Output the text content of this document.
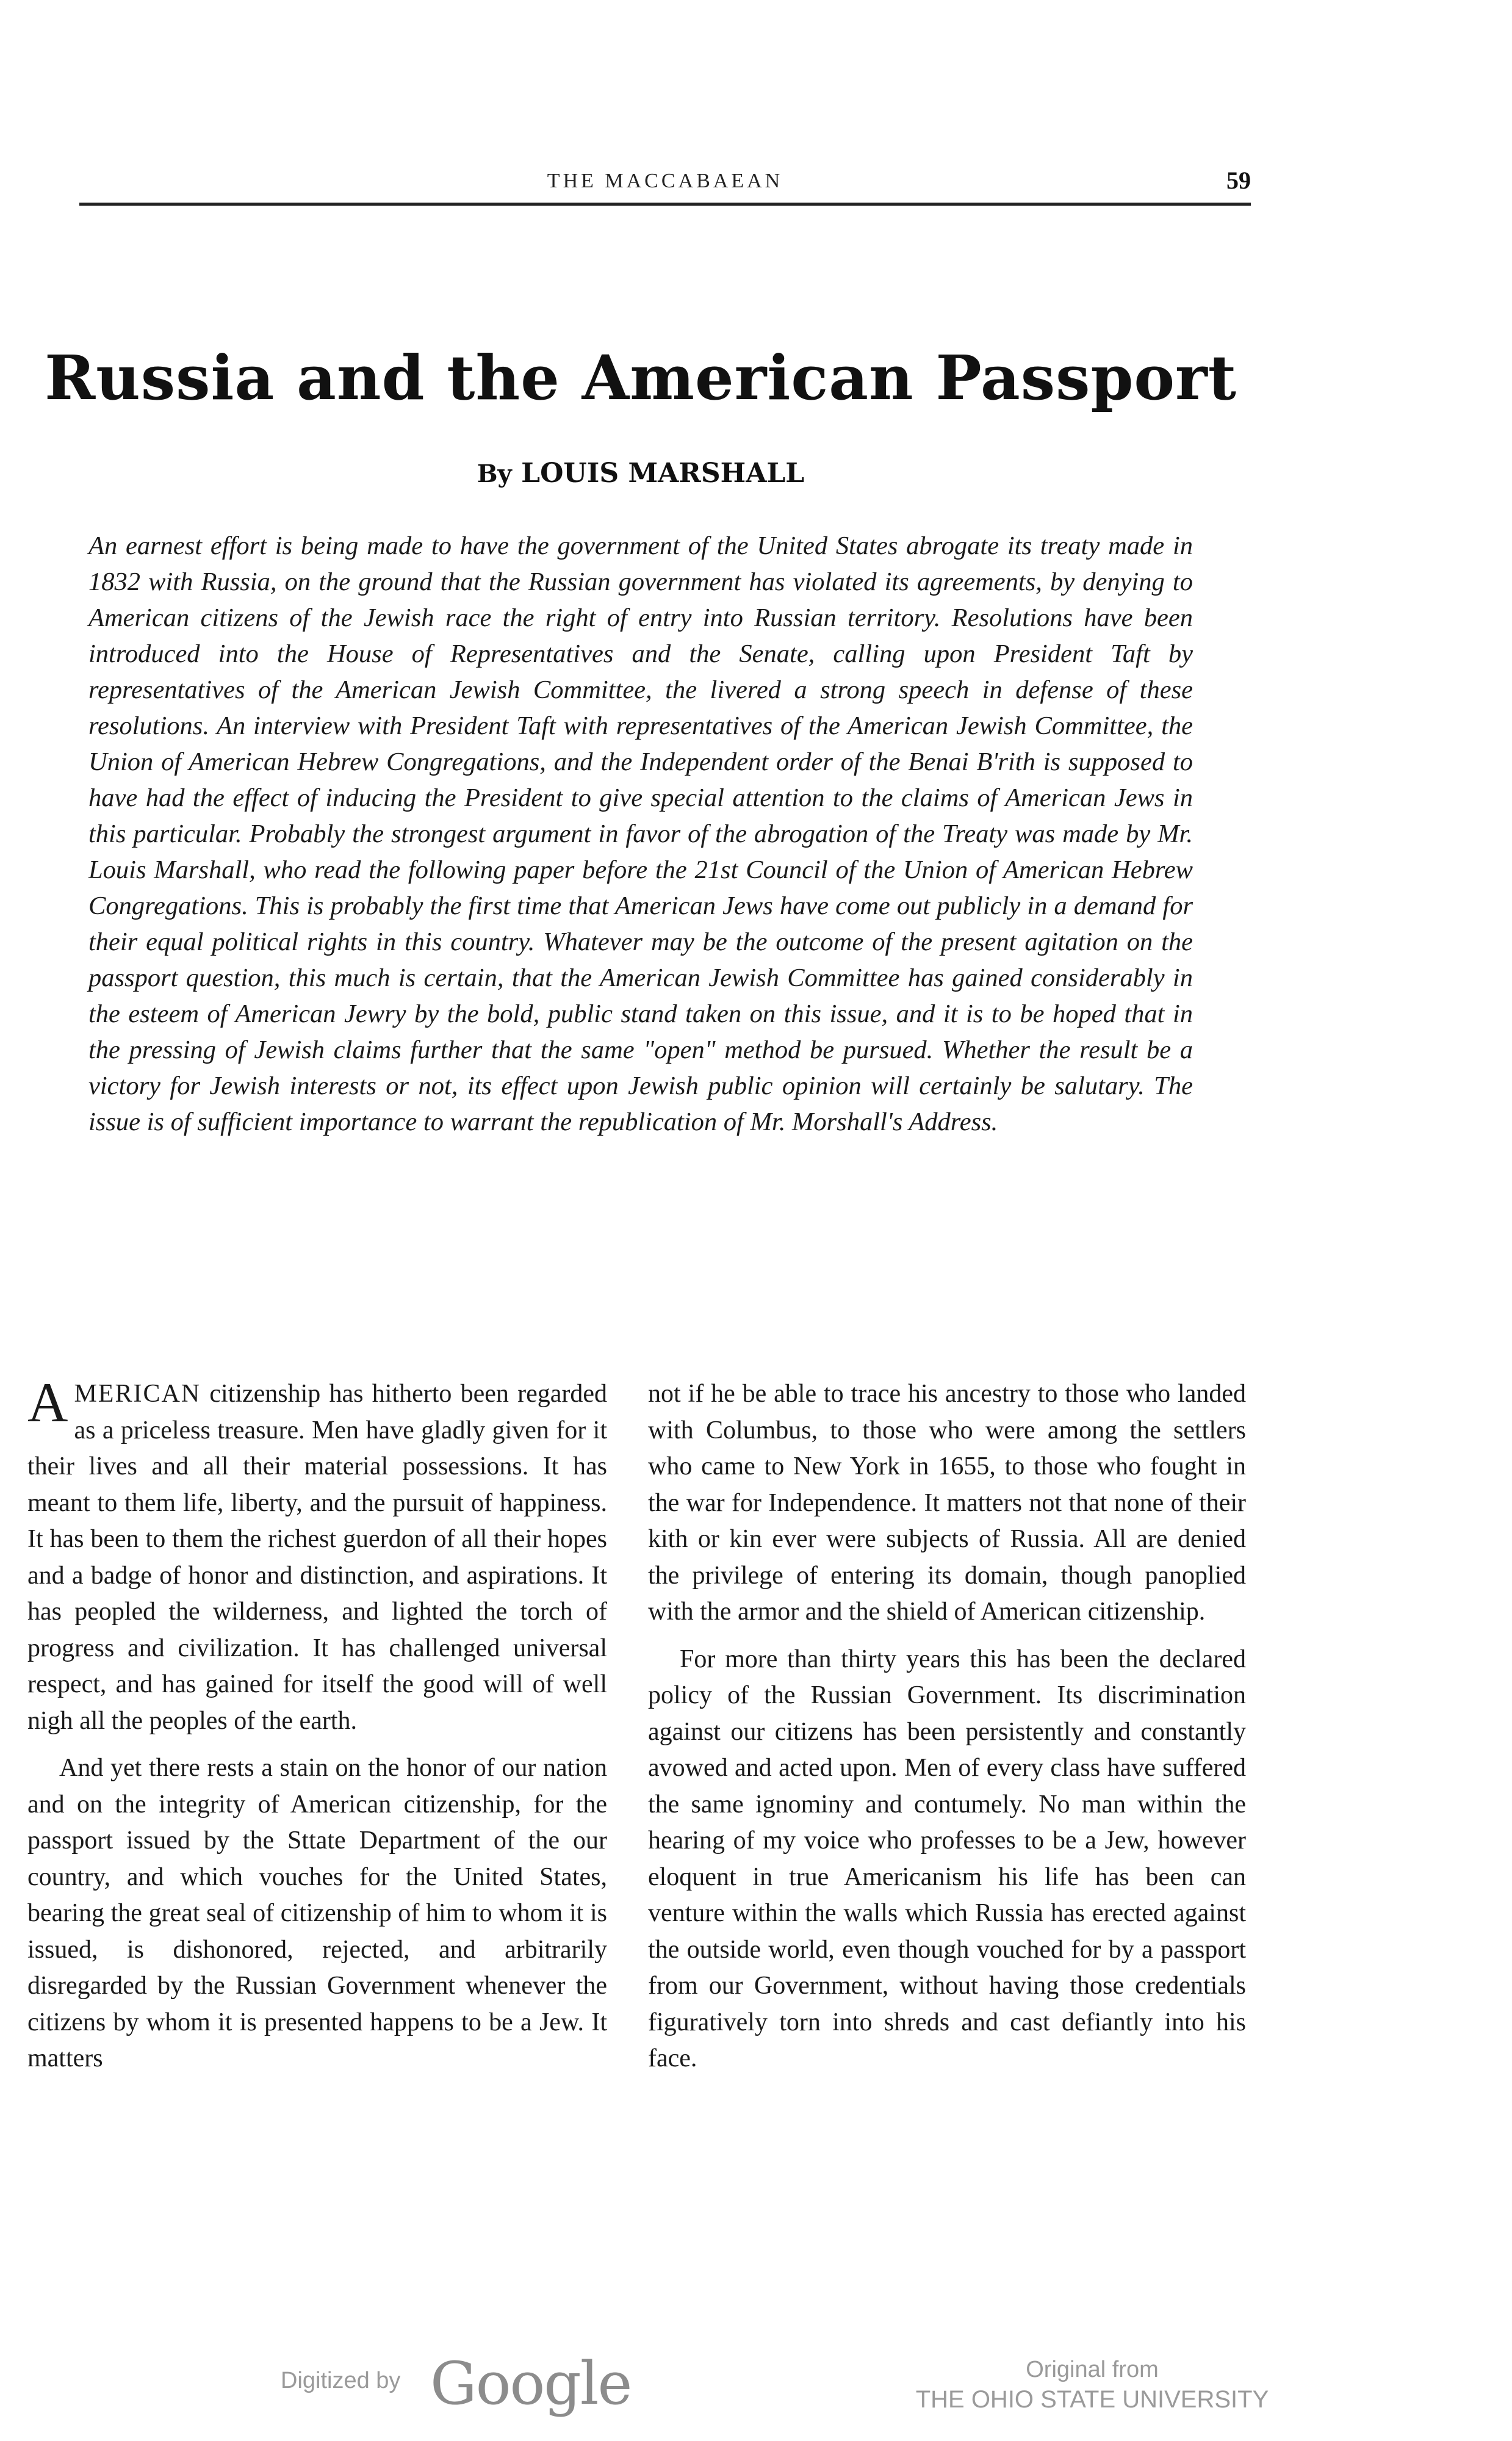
THE MACCABAEAN	59
Russia and the American Passport
By LOUIS MARSHALL
An earnest effort is being made to have the government of the United States abrogate its treaty made in 1832 with Russia, on the ground that the Russian government has violated its agreements, by denying to American citizens of the Jewish race the right of entry into Russian territory. Resolutions have been introduced into the House of Representatives and the Senate, calling upon President Taft by representatives of the American Jewish Committee, the livered a strong speech in defense of these resolutions. An interview with President Taft with representatives of the American Jewish Committee, the Union of American Hebrew Congregations, and the Independent order of the Benai B'rith is supposed to have had the effect of inducing the President to give special attention to the claims of American Jews in this particular. Probably the strongest argument in favor of the abrogation of the Treaty was made by Mr. Louis Marshall, who read the following paper before the 21st Council of the Union of American Hebrew Congregations. This is probably the first time that American Jews have come out publicly in a demand for their equal political rights in this country. Whatever may be the outcome of the present agitation on the passport question, this much is certain, that the American Jewish Committee has gained considerably in the esteem of American Jewry by the bold, public stand taken on this issue, and it is to be hoped that in the pressing of Jewish claims further that the same "open" method be pursued. Whether the result be a victory for Jewish interests or not, its effect upon Jewish public opinion will certainly be salutary. The issue is of sufficient importance to warrant the republication of Mr. Morshall's Address.

AMERICAN citizenship has hitherto been regarded as a priceless treasure. Men have gladly given for it their lives and all their material possessions. It has meant to them life, liberty, and the pursuit of happiness. It has been to them the richest guerdon of all their hopes and a badge of honor and distinction, and aspirations. It has peopled the wilderness, and lighted the torch of progress and civilization. It has challenged universal respect, and has gained for itself the good will of well nigh all the peoples of the earth.

And yet there rests a stain on the honor of our nation and on the integrity of American citizenship, for the passport issued by the Sttate Department of the our country, and which vouches for the United States, bearing the great seal of citizenship of him to whom it is issued, is dishonored, rejected, and arbitrarily disregarded by the Russian Government whenever the citizens by whom it is presented happens to be a Jew. It matters

not if he be able to trace his ancestry to those who landed with Columbus, to those who were among the settlers who came to New York in 1655, to those who fought in the war for Independence. It matters not that none of their kith or kin ever were subjects of Russia. All are denied the privilege of entering its domain, though panoplied with the armor and the shield of American citizenship.

For more than thirty years this has been the declared policy of the Russian Government. Its discrimination against our citizens has been persistently and constantly avowed and acted upon. Men of every class have suffered the same ignominy and contumely. No man within the hearing of my voice who professes to be a Jew, however eloquent in true Americanism his life has been can venture within the walls which Russia has erected against the outside world, even though vouched for by a passport from our Government, without having those credentials figuratively torn into shreds and cast defiantly into his face.

Digitized by Google	Original from
THE OHIO STATE UNIVERSITY
